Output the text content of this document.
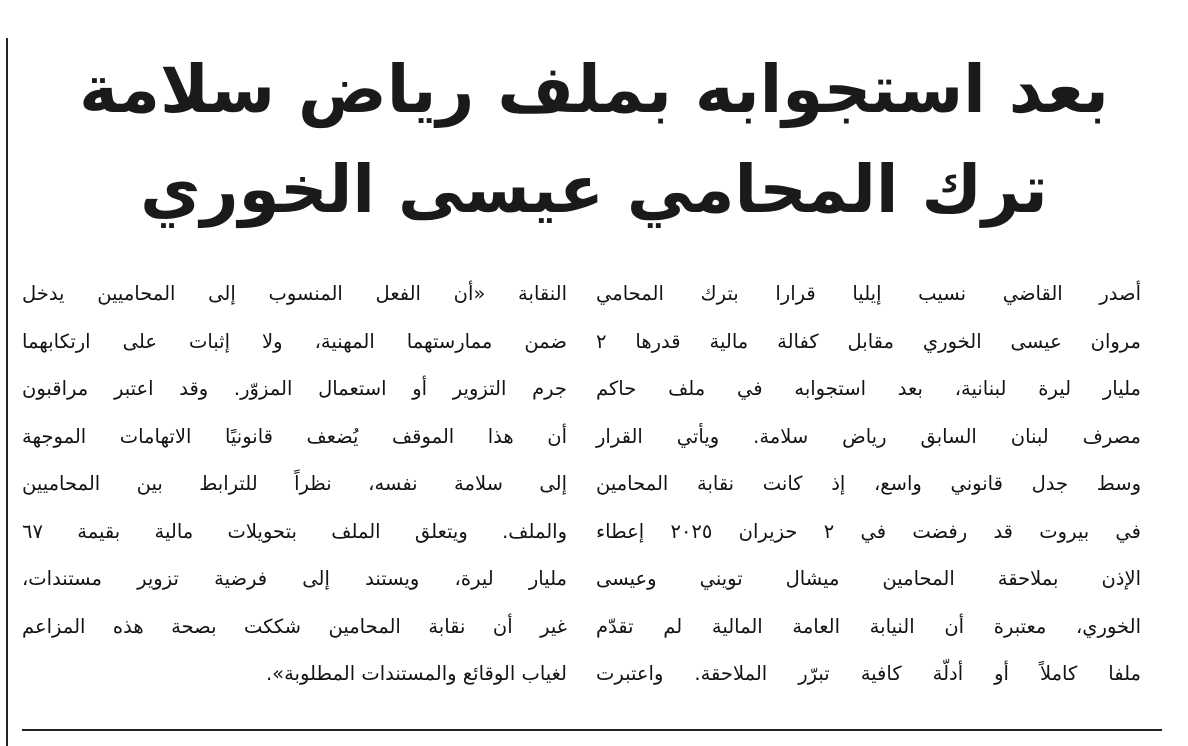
بعد استجوابه بملف رياض سلامة
ترك المحامي عيسى الخوري
أصدر القاضي نسيب إيليا قرارا بترك المحامي
مروان عيسى الخوري مقابل كفالة مالية قدرها ٢
مليار ليرة لبنانية، بعد استجوابه في ملف حاكم
مصرف لبنان السابق رياض سلامة. ويأتي القرار
وسط جدل قانوني واسع، إذ كانت نقابة المحامين
في بيروت قد رفضت في ٢ حزيران ٢٠٢٥ إعطاء
الإذن بملاحقة المحامين ميشال تويني وعيسى
الخوري، معتبرة أن النيابة العامة المالية لم تقدّم
ملفا كاملاً أو أدلّة كافية تبرّر الملاحقة. واعتبرت
النقابة «أن الفعل المنسوب إلى المحاميين يدخل
ضمن ممارستهما المهنية، ولا إثبات على ارتكابهما
جرم التزوير أو استعمال المزوّر. وقد اعتبر مراقبون
أن هذا الموقف يُضعف قانونيًا الاتهامات الموجهة
إلى سلامة نفسه، نظراً للترابط بين المحاميين
والملف. ويتعلق الملف بتحويلات مالية بقيمة ٦٧
مليار ليرة، ويستند إلى فرضية تزوير مستندات،
غير أن نقابة المحامين شككت بصحة هذه المزاعم
لغياب الوقائع والمستندات المطلوبة».
